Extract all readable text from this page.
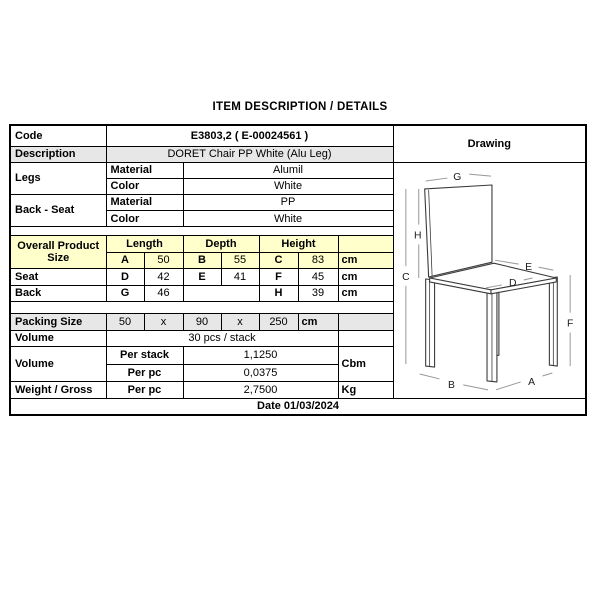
ITEM DESCRIPTION / DETAILS
Code	E3803,2 ( E-00024561 )							Drawing
Description	DORET Chair PP White (Alu Leg)							
Legs	Material	Alumil	
G
H
C
E
D
F
B	A

	Color		White					
Back - Seat	Material		PP					
	Color		White					

Overall Product Size	Length		Depth		Height			
	A	50	B	55	C	83	cm	
Seat	D	42	E	41	F	45	cm	
Back	G	46			H	39	cm	

Packing Size	50	x	90	x	250	cm		
Volume	30 pcs / stack							
Volume	Per stack		1,1250				Cbm	
	Per pc		0,0375					
Weight / Gross	Per pc		2,7500				Kg	
Date 01/03/2024								
